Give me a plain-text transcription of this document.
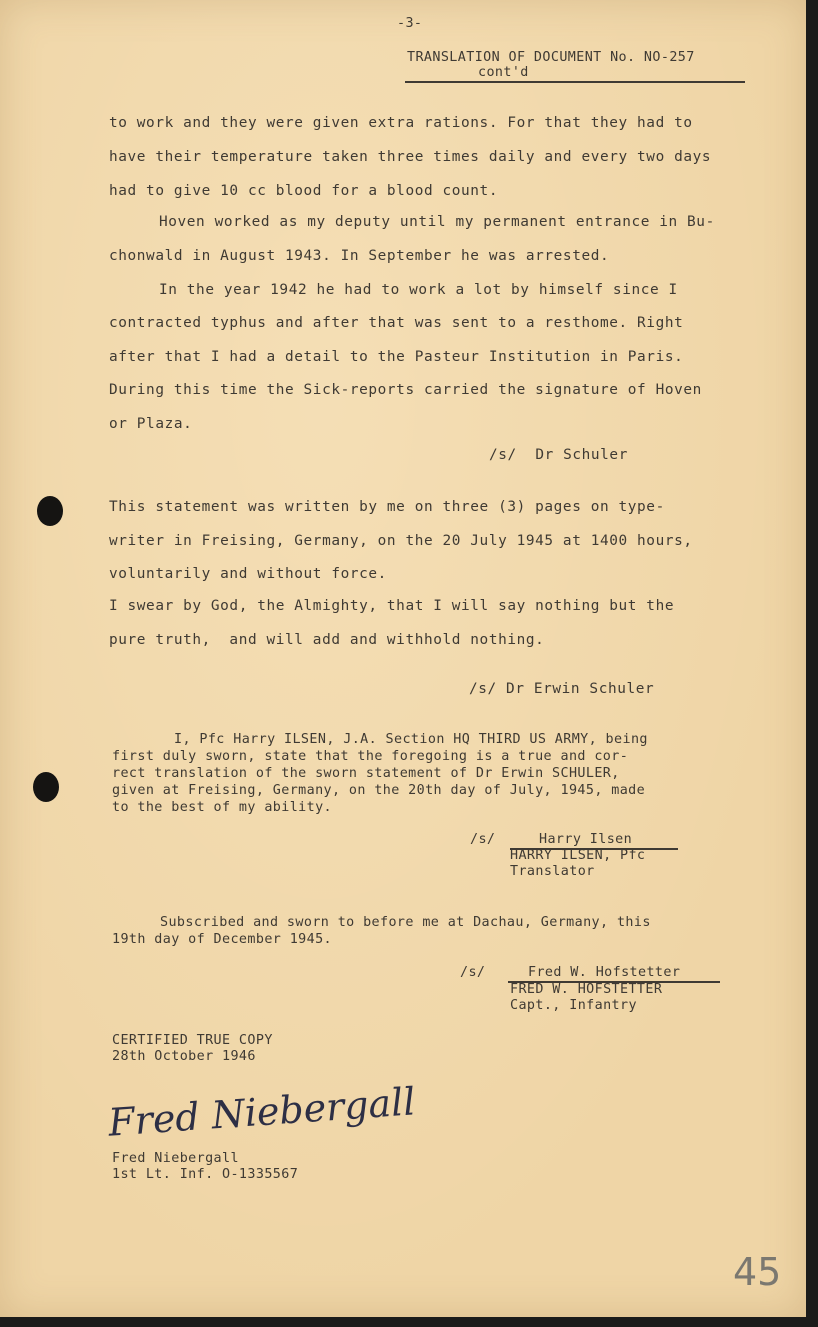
-3-
TRANSLATION OF DOCUMENT No. NO-257
cont'd
to work and they were given extra rations. For that they had to
have their temperature taken three times daily and every two days
had to give 10 cc blood for a blood count.
Hoven worked as my deputy until my permanent entrance in Bu-
chonwald in August 1943. In September he was arrested.
In the year 1942 he had to work a lot by himself since I
contracted typhus and after that was sent to a resthome. Right
after that I had a detail to the Pasteur Institution in Paris.
During this time the Sick-reports carried the signature of Hoven
or Plaza.
/s/  Dr Schuler
This statement was written by me on three (3) pages on type-
writer in Freising, Germany, on the 20 July 1945 at 1400 hours,
voluntarily and without force.
I swear by God, the Almighty, that I will say nothing but the
pure truth,  and will add and withhold nothing.
/s/ Dr Erwin Schuler
I, Pfc Harry ILSEN, J.A. Section HQ THIRD US ARMY, being
first duly sworn, state that the foregoing is a true and cor-
rect translation of the sworn statement of Dr Erwin SCHULER,
given at Freising, Germany, on the 20th day of July, 1945, made
to the best of my ability.
/s/	Harry Ilsen
HARRY ILSEN, Pfc
Translator
Subscribed and sworn to before me at Dachau, Germany, this
19th day of December 1945.
/s/	Fred W. Hofstetter
FRED W. HOFSTETTER
Capt., Infantry
CERTIFIED TRUE COPY
28th October 1946
Fred Niebergall
Fred Niebergall
1st Lt. Inf. O-1335567
45
